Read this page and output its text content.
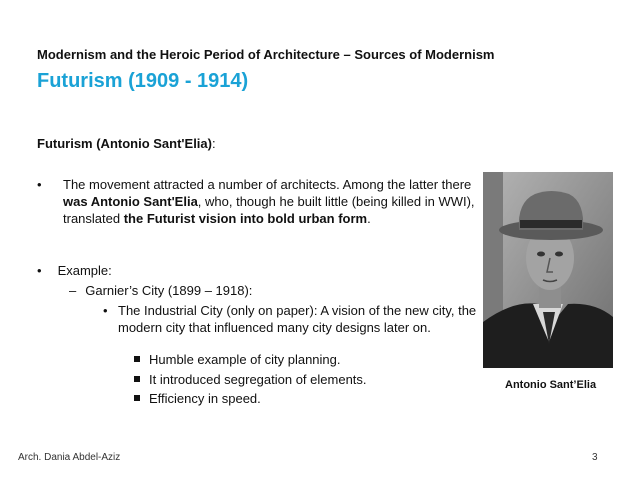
Modernism and the Heroic Period of Architecture – Sources of Modernism
Futurism (1909 - 1914)
Futurism (Antonio Sant'Elia):
• The movement attracted a number of architects. Among the latter there was Antonio Sant'Elia, who, though he built little (being killed in WWI), translated the Futurist vision into bold urban form.
• Example:
– Garnier’s City (1899 – 1918):
• The Industrial City (only on paper): A vision of the new city, the modern city that influenced many city designs later on.
Humble example of city planning.
It introduced segregation of elements.
Efficiency in speed.
Antonio Sant’Elia
Arch. Dania Abdel-Aziz	3
